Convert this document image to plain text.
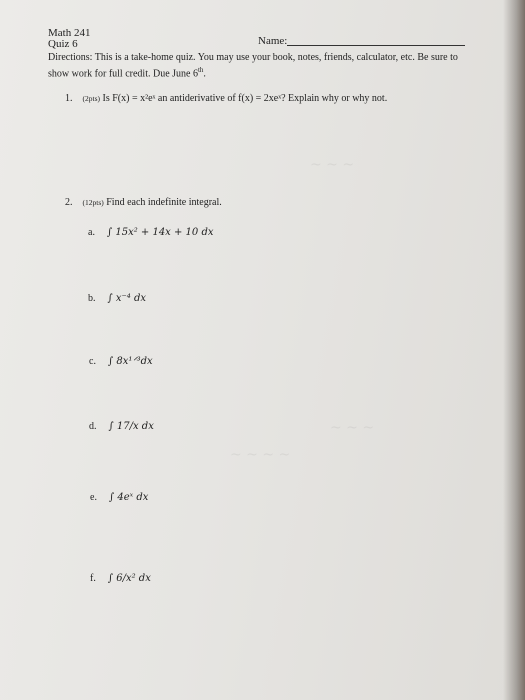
Math 241
Quiz 6	Name:
Directions: This is a take-home quiz. You may use your book, notes, friends, calculator, etc. Be sure to show work for full credit. Due June 6th.
1. (2pts) Is F(x) = x²eˣ an antiderivative of f(x) = 2xeˣ? Explain why or why not.
2. (12pts) Find each indefinite integral.
a. ∫ 15x² + 14x + 10 dx
b. ∫ x⁻⁴ dx
c. ∫ 8x¹ᐟ³dx
d. ∫ 17/x dx
e. ∫ 4eˣ dx
f. ∫ 6/x² dx
~ ~ ~
~ ~ ~
~ ~ ~ ~
